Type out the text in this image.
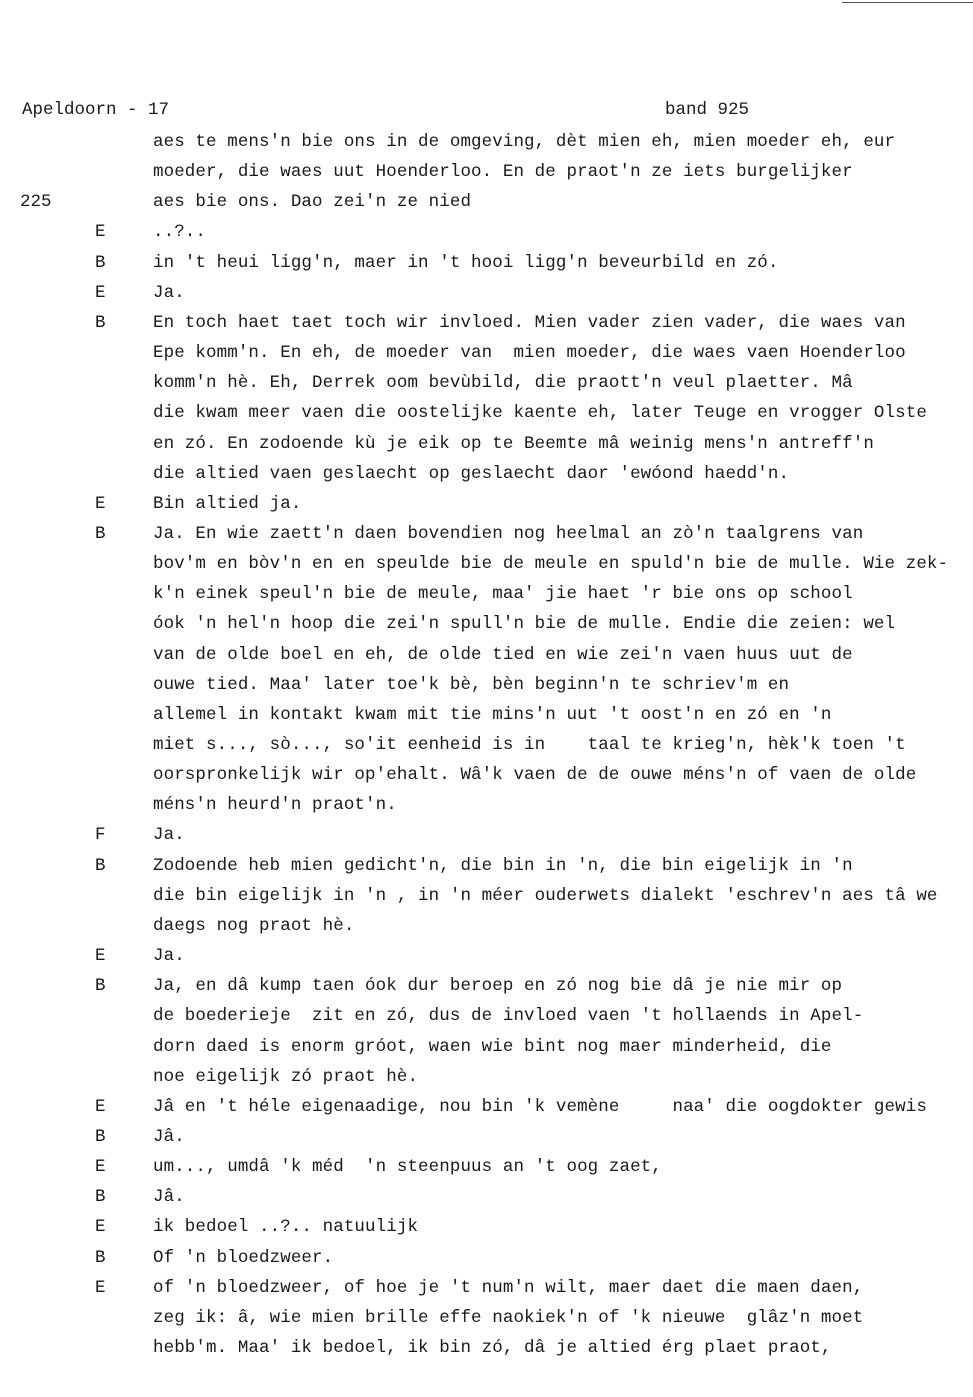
Apeldoorn - 17	band 925
225
aes te mens'n bie ons in de omgeving, dèt mien eh, mien moeder eh, eur
moeder, die waes uut Hoenderloo. En de praot'n ze iets burgelijker
aes bie ons. Dao zei'n ze nied
E	..?..
B	in 't heui ligg'n, maer in 't hooi ligg'n beveurbild en zó.
E	Ja.
B	En toch haet taet toch wir invloed. Mien vader zien vader, die waes van
Epe komm'n. En eh, de moeder van  mien moeder, die waes vaen Hoenderloo
komm'n hè. Eh, Derrek oom bevùbild, die praott'n veul plaetter. Mâ
die kwam meer vaen die oostelijke kaente eh, later Teuge en vrogger Olste
en zó. En zodoende kù je eik op te Beemte mâ weinig mens'n antreff'n
die altied vaen geslaecht op geslaecht daor 'ewóond haedd'n.
E	Bin altied ja.
B	Ja. En wie zaett'n daen bovendien nog heelmal an zò'n taalgrens van
bov'm en bòv'n en en speulde bie de meule en spuld'n bie de mulle. Wie zek-
k'n einek speul'n bie de meule, maa' jie haet 'r bie ons op school
óok 'n hel'n hoop die zei'n spull'n bie de mulle. Endie die zeien: wel
van de olde boel en eh, de olde tied en wie zei'n vaen huus uut de
ouwe tied. Maa' later toe'k bè, bèn beginn'n te schriev'm en
allemel in kontakt kwam mit tie mins'n uut 't oost'n en zó en 'n
miet s..., sò..., so'it eenheid is in    taal te krieg'n, hèk'k toen 't
oorspronkelijk wir op'ehalt. Wâ'k vaen de de ouwe méns'n of vaen de olde
méns'n heurd'n praot'n.
F	Ja.
B	Zodoende heb mien gedicht'n, die bin in 'n, die bin eigelijk in 'n
die bin eigelijk in 'n , in 'n méer ouderwets dialekt 'eschrev'n aes tâ we
daegs nog praot hè.
E	Ja.
B	Ja, en dâ kump taen óok dur beroep en zó nog bie dâ je nie mir op
de boederieje  zit en zó, dus de invloed vaen 't hollaends in Apel-
dorn daed is enorm gróot, waen wie bint nog maer minderheid, die
noe eigelijk zó praot hè.
E	Jâ en 't héle eigenaadige, nou bin 'k vemène     naa' die oogdokter gewis
B	Jâ.
E	um..., umdâ 'k méd  'n steenpuus an 't oog zaet,
B	Jâ.
E	ik bedoel ..?.. natuulijk
B	Of 'n bloedzweer.
E	of 'n bloedzweer, of hoe je 't num'n wilt, maer daet die maen daen,
zeg ik: â, wie mien brille effe naokiek'n of 'k nieuwe  glâz'n moet
hebb'm. Maa' ik bedoel, ik bin zó, dâ je altied érg plaet praot,
